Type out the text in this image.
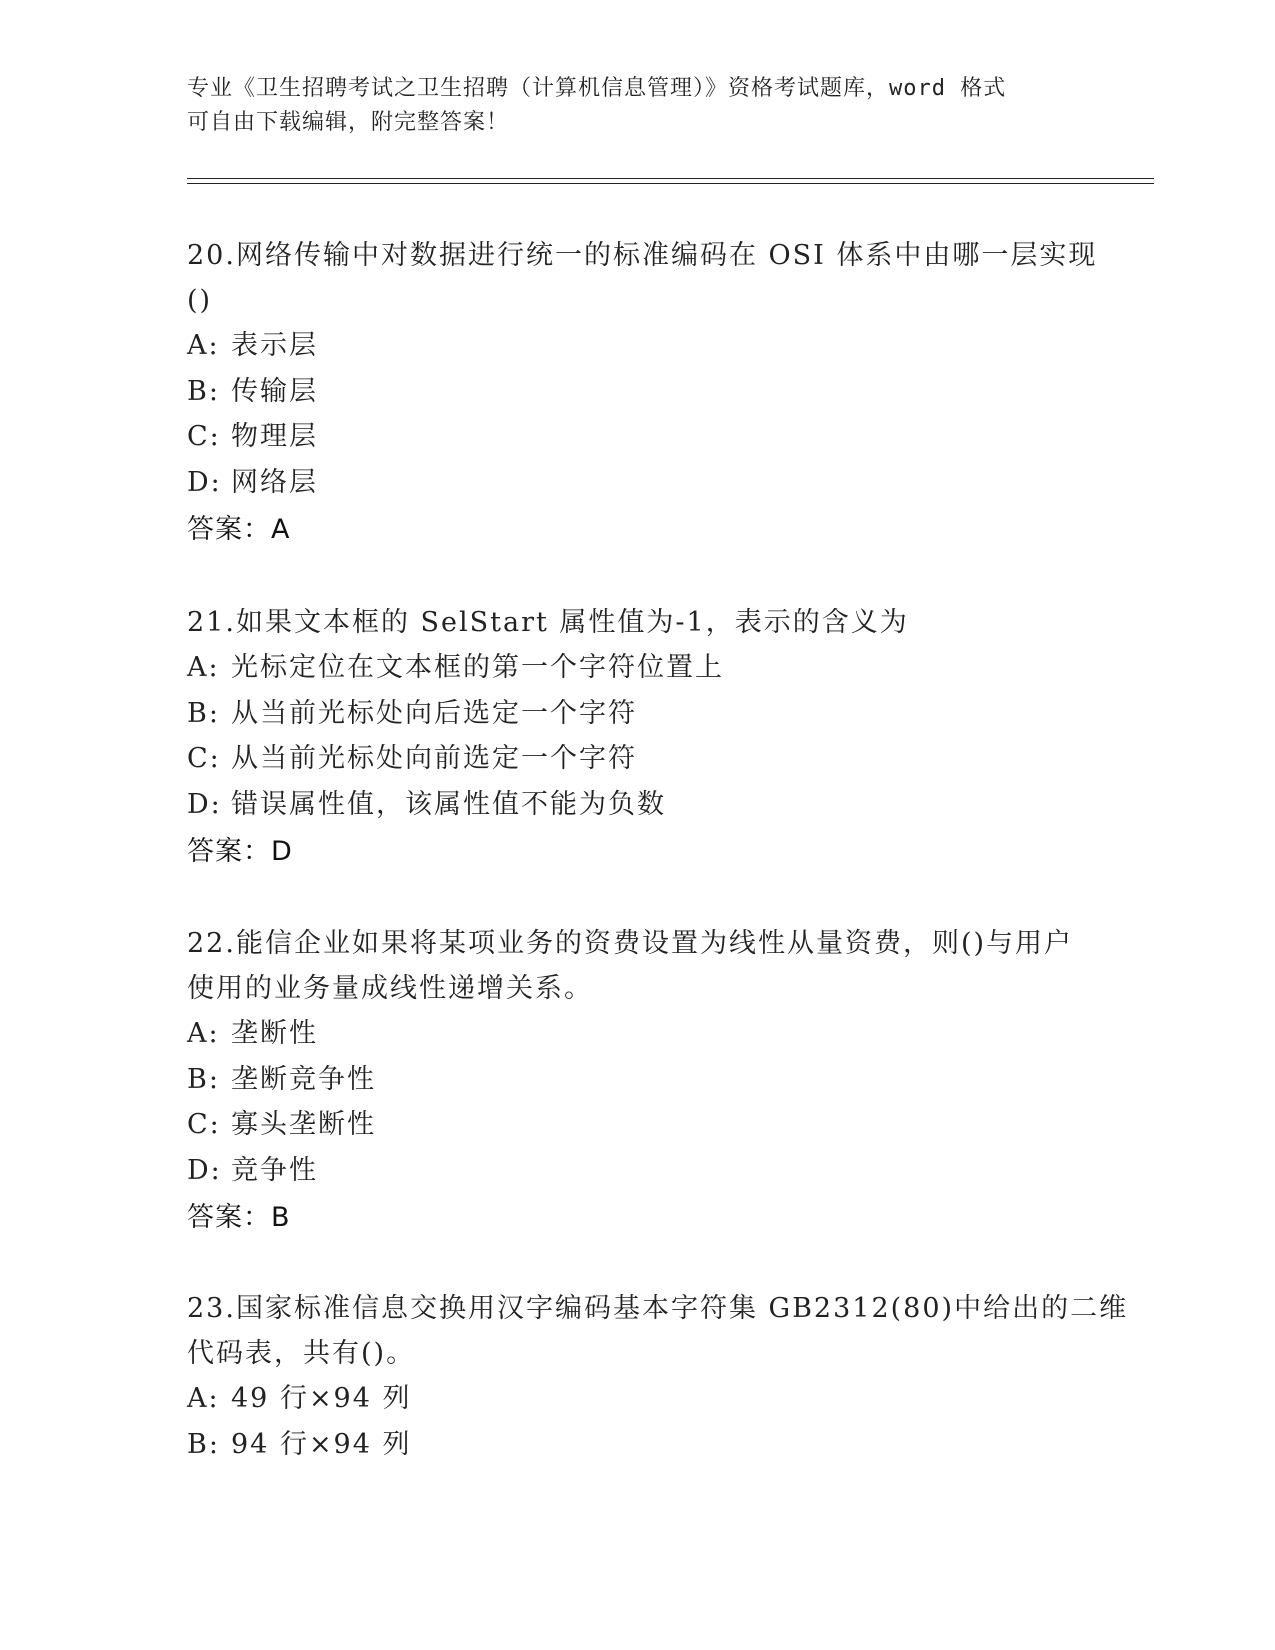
专业《卫生招聘考试之卫生招聘（计算机信息管理）》资格考试题库，word 格式
可自由下载编辑，附完整答案！
20.网络传输中对数据进行统一的标准编码在 OSI 体系中由哪一层实现
()
A: 表示层
B: 传输层
C: 物理层
D: 网络层
答案：A
21.如果文本框的 SelStart 属性值为-1，表示的含义为
A: 光标定位在文本框的第一个字符位置上
B: 从当前光标处向后选定一个字符
C: 从当前光标处向前选定一个字符
D: 错误属性值，该属性值不能为负数
答案：D
22.能信企业如果将某项业务的资费设置为线性从量资费，则()与用户
使用的业务量成线性递增关系。
A: 垄断性
B: 垄断竞争性
C: 寡头垄断性
D: 竞争性
答案：B
23.国家标准信息交换用汉字编码基本字符集 GB2312(80)中给出的二维
代码表，共有()。
A: 49 行×94 列
B: 94 行×94 列
